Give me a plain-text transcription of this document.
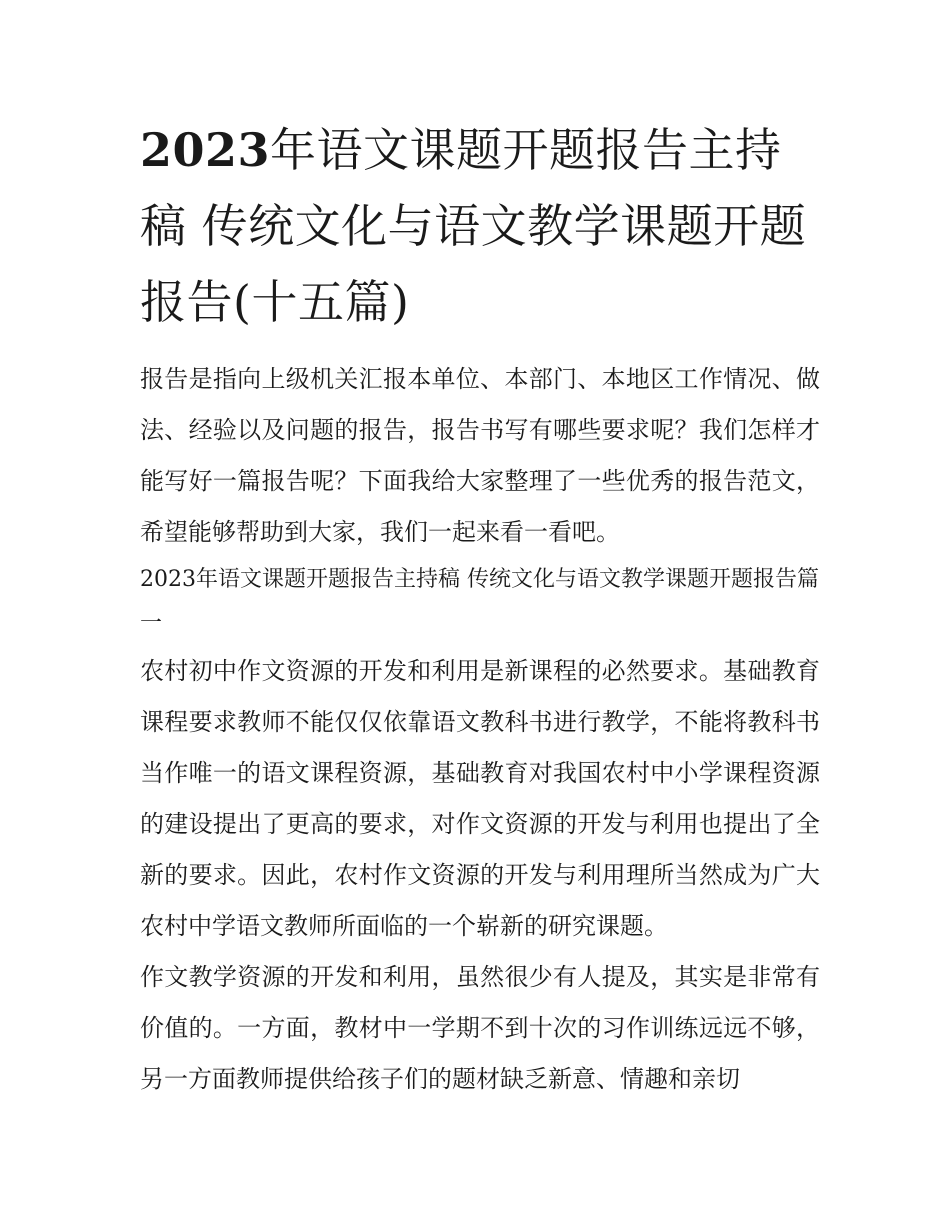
2023年语文课题开题报告主持稿 传统文化与语文教学课题开题报告(十五篇)

报告是指向上级机关汇报本单位、本部门、本地区工作情况、做法、经验以及问题的报告，报告书写有哪些要求呢？我们怎样才能写好一篇报告呢？下面我给大家整理了一些优秀的报告范文，希望能够帮助到大家，我们一起来看一看吧。

2023年语文课题开题报告主持稿 传统文化与语文教学课题开题报告篇一

农村初中作文资源的开发和利用是新课程的必然要求。基础教育课程要求教师不能仅仅依靠语文教科书进行教学，不能将教科书当作唯一的语文课程资源，基础教育对我国农村中小学课程资源的建设提出了更高的要求，对作文资源的开发与利用也提出了全新的要求。因此，农村作文资源的开发与利用理所当然成为广大农村中学语文教师所面临的一个崭新的研究课题。

作文教学资源的开发和利用，虽然很少有人提及，其实是非常有价值的。一方面，教材中一学期不到十次的习作训练远远不够，另一方面教师提供给孩子们的题材缺乏新意、情趣和亲切
